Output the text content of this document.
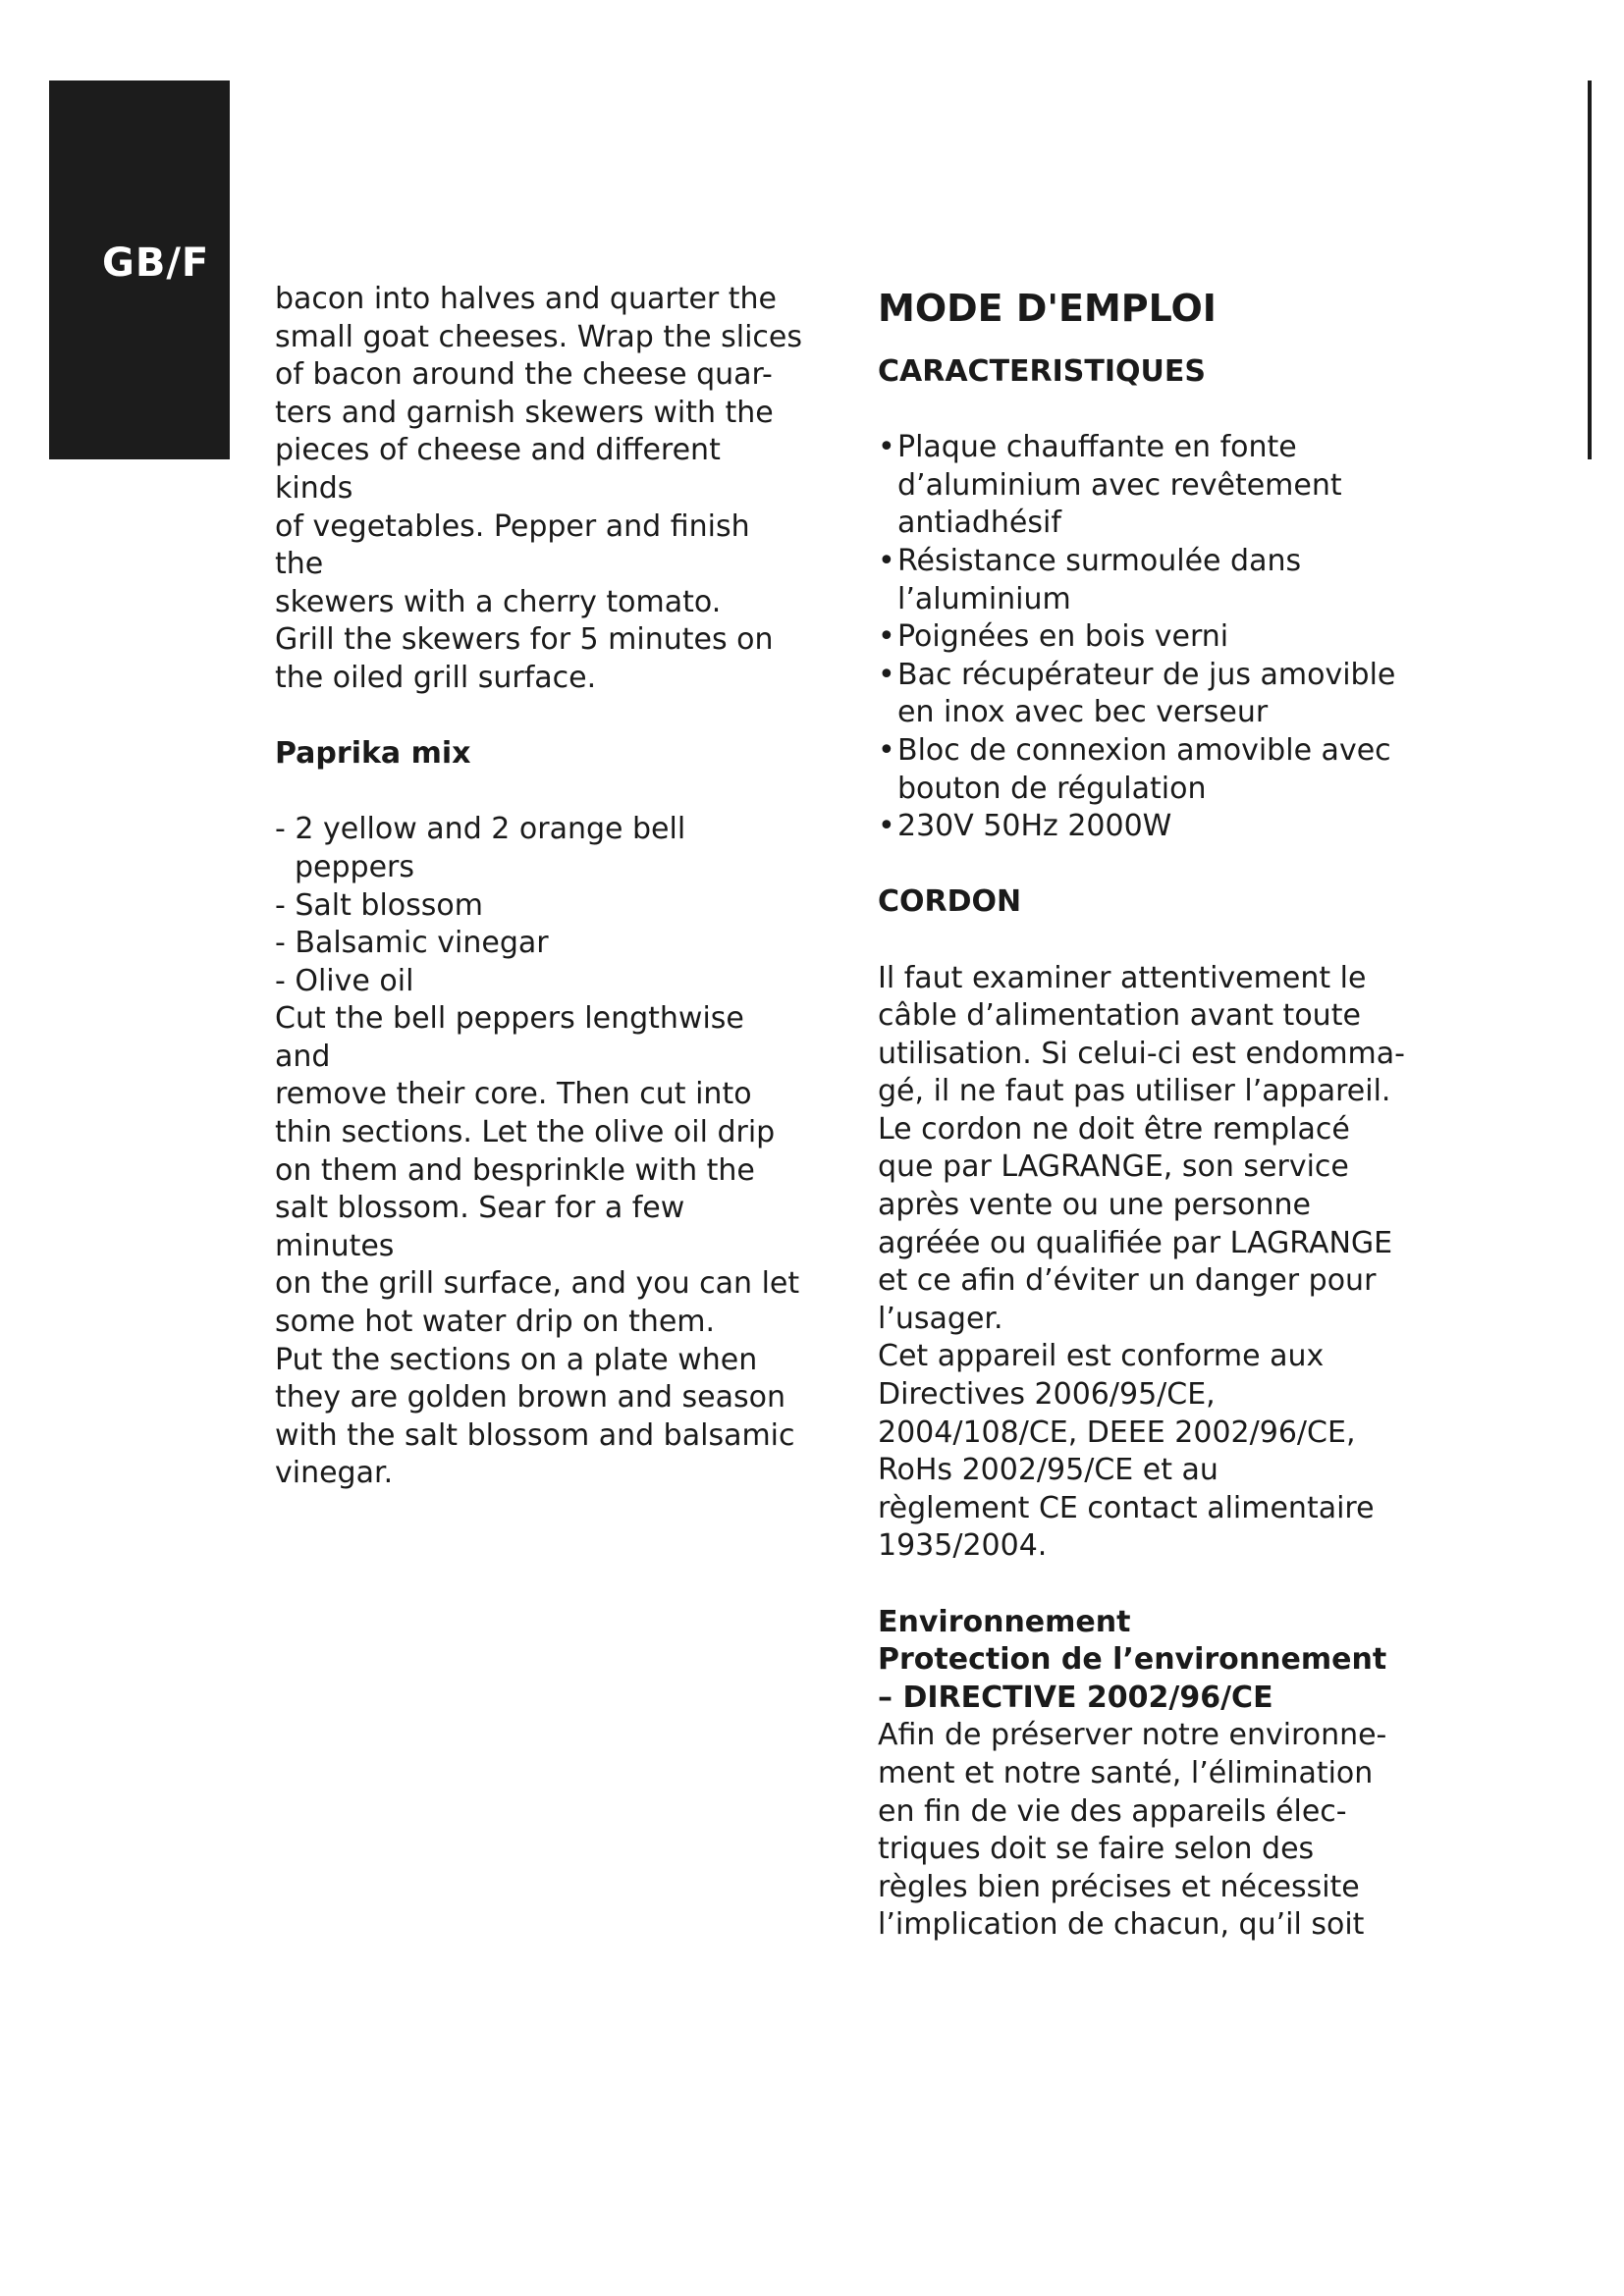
GB/F

bacon into halves and quarter the

small goat cheeses. Wrap the slices

of bacon around the cheese quar-

ters and garnish skewers with the

pieces of cheese and different kinds

of vegetables. Pepper and finish the

skewers with a cherry tomato.

Grill the skewers for 5 minutes on

the oiled grill surface.

Paprika mix

- 2 yellow and 2 orange bell

peppers

- Salt blossom

- Balsamic vinegar

- Olive oil

Cut the bell peppers lengthwise and

remove their core. Then cut into

thin sections. Let the olive oil drip

on them and besprinkle with the

salt blossom. Sear for a few minutes

on the grill surface, and you can let

some hot water drip on them.

Put the sections on a plate when

they are golden brown and season

with the salt blossom and balsamic

vinegar.

MODE D'EMPLOI

CARACTERISTIQUES

• Plaque chauffante en fonte

d’aluminium avec revêtement

antiadhésif

• Résistance surmoulée dans

l’aluminium

• Poignées en bois verni

• Bac récupérateur de jus amovible

en inox avec bec verseur

• Bloc de connexion amovible avec

bouton de régulation

• 230V 50Hz 2000W

CORDON

Il faut examiner attentivement le

câble d’alimentation avant toute

utilisation. Si celui-ci est endomma-

gé, il ne faut pas utiliser l’appareil.

Le cordon ne doit être remplacé

que par LAGRANGE, son service

après vente ou une personne

agréée ou qualifiée par LAGRANGE

et ce afin d’éviter un danger pour

l’usager.

Cet appareil est conforme aux

Directives 2006/95/CE,

2004/108/CE, DEEE 2002/96/CE,

RoHs 2002/95/CE et au

règlement CE contact alimentaire

1935/2004.

Environnement

Protection de l’environnement

– DIRECTIVE 2002/96/CE

Afin de préserver notre environne-

ment et notre santé, l’élimination

en fin de vie des appareils élec-

triques doit se faire selon des

règles bien précises et nécessite

l’implication de chacun, qu’il soit
